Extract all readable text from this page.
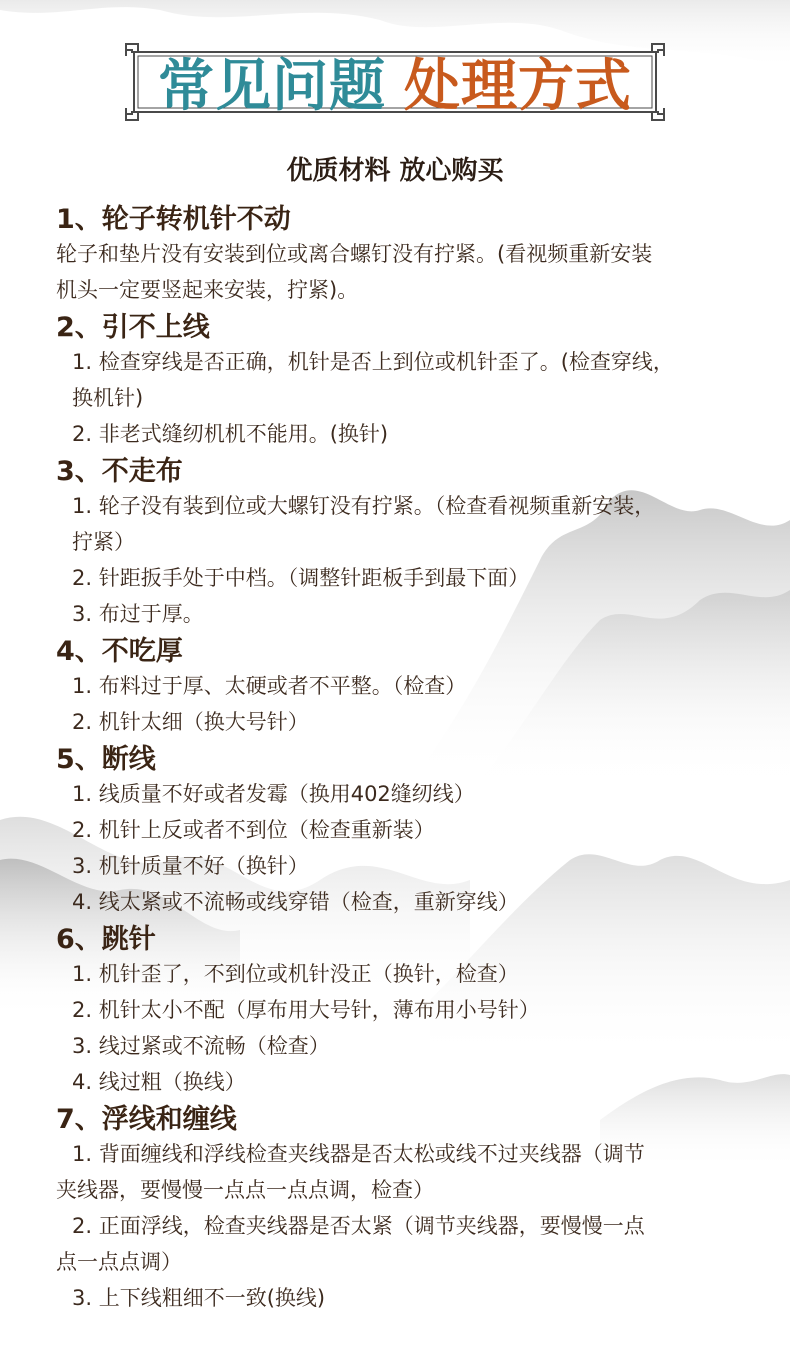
常见问题 处理方式
优质材料 放心购买
1、轮子转机针不动
轮子和垫片没有安装到位或离合螺钉没有拧紧。(看视频重新安装
机头一定要竖起来安装，拧紧)。
2、引不上线
1. 检查穿线是否正确，机针是否上到位或机针歪了。(检查穿线，
换机针)
2. 非老式缝纫机机不能用。(换针)
3、不走布
1. 轮子没有装到位或大螺钉没有拧紧。（检查看视频重新安装，
拧紧）
2. 针距扳手处于中档。（调整针距板手到最下面）
3. 布过于厚。
4、不吃厚
1. 布料过于厚、太硬或者不平整。（检查）
2. 机针太细（换大号针）
5、断线
1. 线质量不好或者发霉（换用402缝纫线）
2. 机针上反或者不到位（检查重新装）
3. 机针质量不好（换针）
4. 线太紧或不流畅或线穿错（检查，重新穿线）
6、跳针
1. 机针歪了，不到位或机针没正（换针，检查）
2. 机针太小不配（厚布用大号针，薄布用小号针）
3. 线过紧或不流畅（检查）
4. 线过粗（换线）
7、浮线和缠线
1. 背面缠线和浮线检查夹线器是否太松或线不过夹线器（调节
夹线器，要慢慢一点点一点点调，检查）
2. 正面浮线，检查夹线器是否太紧（调节夹线器，要慢慢一点
点一点点调）
3. 上下线粗细不一致(换线)
